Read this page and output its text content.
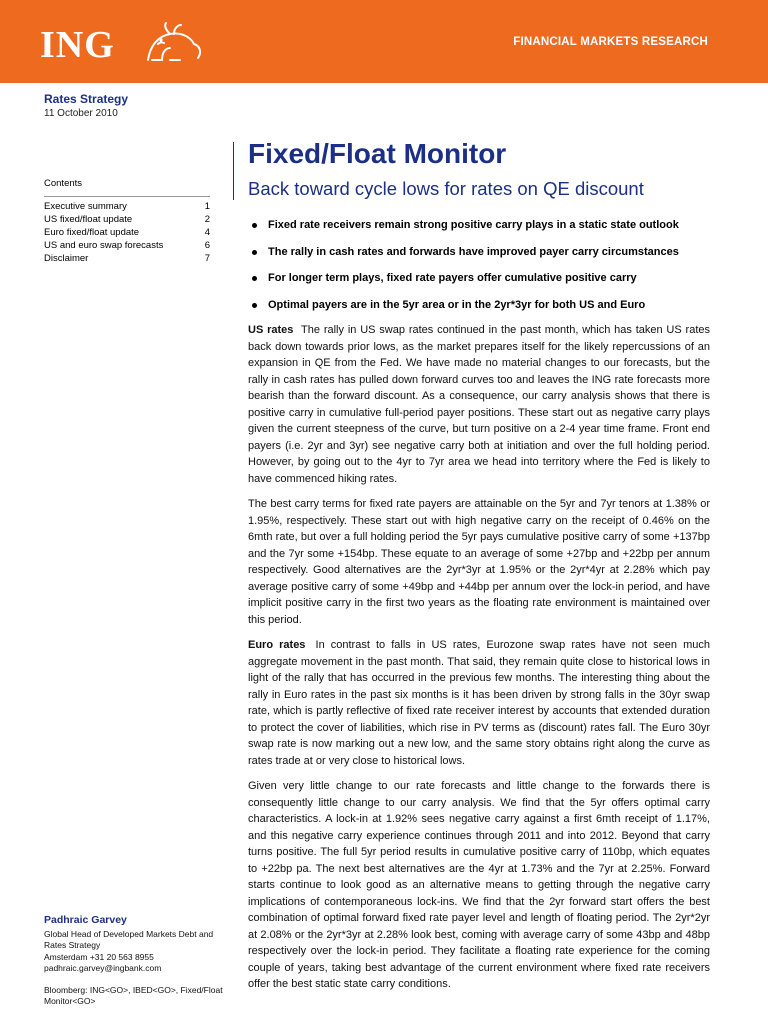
ING	FINANCIAL MARKETS RESEARCH
Rates Strategy
11 October 2010
Contents
Executive summary	1
US fixed/float update	2
Euro fixed/float update	4
US and euro swap forecasts	6
Disclaimer	7
Fixed/Float Monitor
Back toward cycle lows for rates on QE discount
Fixed rate receivers remain strong positive carry plays in a static state outlook
The rally in cash rates and forwards have improved payer carry circumstances
For longer term plays, fixed rate payers offer cumulative positive carry
Optimal payers are in the 5yr area or in the 2yr*3yr for both US and Euro

US rates The rally in US swap rates continued in the past month, which has taken US rates back down towards prior lows, as the market prepares itself for the likely repercussions of an expansion in QE from the Fed. We have made no material changes to our forecasts, but the rally in cash rates has pulled down forward curves too and leaves the ING rate forecasts more bearish than the forward discount. As a consequence, our carry analysis shows that there is positive carry in cumulative full-period payer positions. These start out as negative carry plays given the current steepness of the curve, but turn positive on a 2-4 year time frame. Front end payers (i.e. 2yr and 3yr) see negative carry both at initiation and over the full holding period. However, by going out to the 4yr to 7yr area we head into territory where the Fed is likely to have commenced hiking rates.

The best carry terms for fixed rate payers are attainable on the 5yr and 7yr tenors at 1.38% or 1.95%, respectively. These start out with high negative carry on the receipt of 0.46% on the 6mth rate, but over a full holding period the 5yr pays cumulative positive carry of some +137bp and the 7yr some +154bp. These equate to an average of some +27bp and +22bp per annum respectively. Good alternatives are the 2yr*3yr at 1.95% or the 2yr*4yr at 2.28% which pay average positive carry of some +49bp and +44bp per annum over the lock-in period, and have implicit positive carry in the first two years as the floating rate environment is maintained over this period.

Euro rates In contrast to falls in US rates, Eurozone swap rates have not seen much aggregate movement in the past month. That said, they remain quite close to historical lows in light of the rally that has occurred in the previous few months. The interesting thing about the rally in Euro rates in the past six months is it has been driven by strong falls in the 30yr swap rate, which is partly reflective of fixed rate receiver interest by accounts that extended duration to protect the cover of liabilities, which rise in PV terms as (discount) rates fall. The Euro 30yr swap rate is now marking out a new low, and the same story obtains right along the curve as rates trade at or very close to historical lows.

Given very little change to our rate forecasts and little change to the forwards there is consequently little change to our carry analysis. We find that the 5yr offers optimal carry characteristics. A lock-in at 1.92% sees negative carry against a first 6mth receipt of 1.17%, and this negative carry experience continues through 2011 and into 2012. Beyond that carry turns positive. The full 5yr period results in cumulative positive carry of 110bp, which equates to +22bp pa. The next best alternatives are the 4yr at 1.73% and the 7yr at 2.25%. Forward starts continue to look good as an alternative means to getting through the negative carry implications of contemporaneous lock-ins. We find that the 2yr forward start offers the best combination of optimal forward fixed rate payer level and length of floating period. The 2yr*2yr at 2.08% or the 2yr*3yr at 2.28% look best, coming with average carry of some 43bp and 48bp respectively over the lock-in period. They facilitate a floating rate experience for the coming couple of years, taking best advantage of the current environment where fixed rate receivers offer the best static state carry conditions.

Padhraic Garvey
Global Head of Developed Markets Debt and Rates Strategy
Amsterdam +31 20 563 8955
padhraic.garvey@ingbank.com
Bloomberg: ING<GO>, IBED<GO>, Fixed/Float Monitor<GO>
